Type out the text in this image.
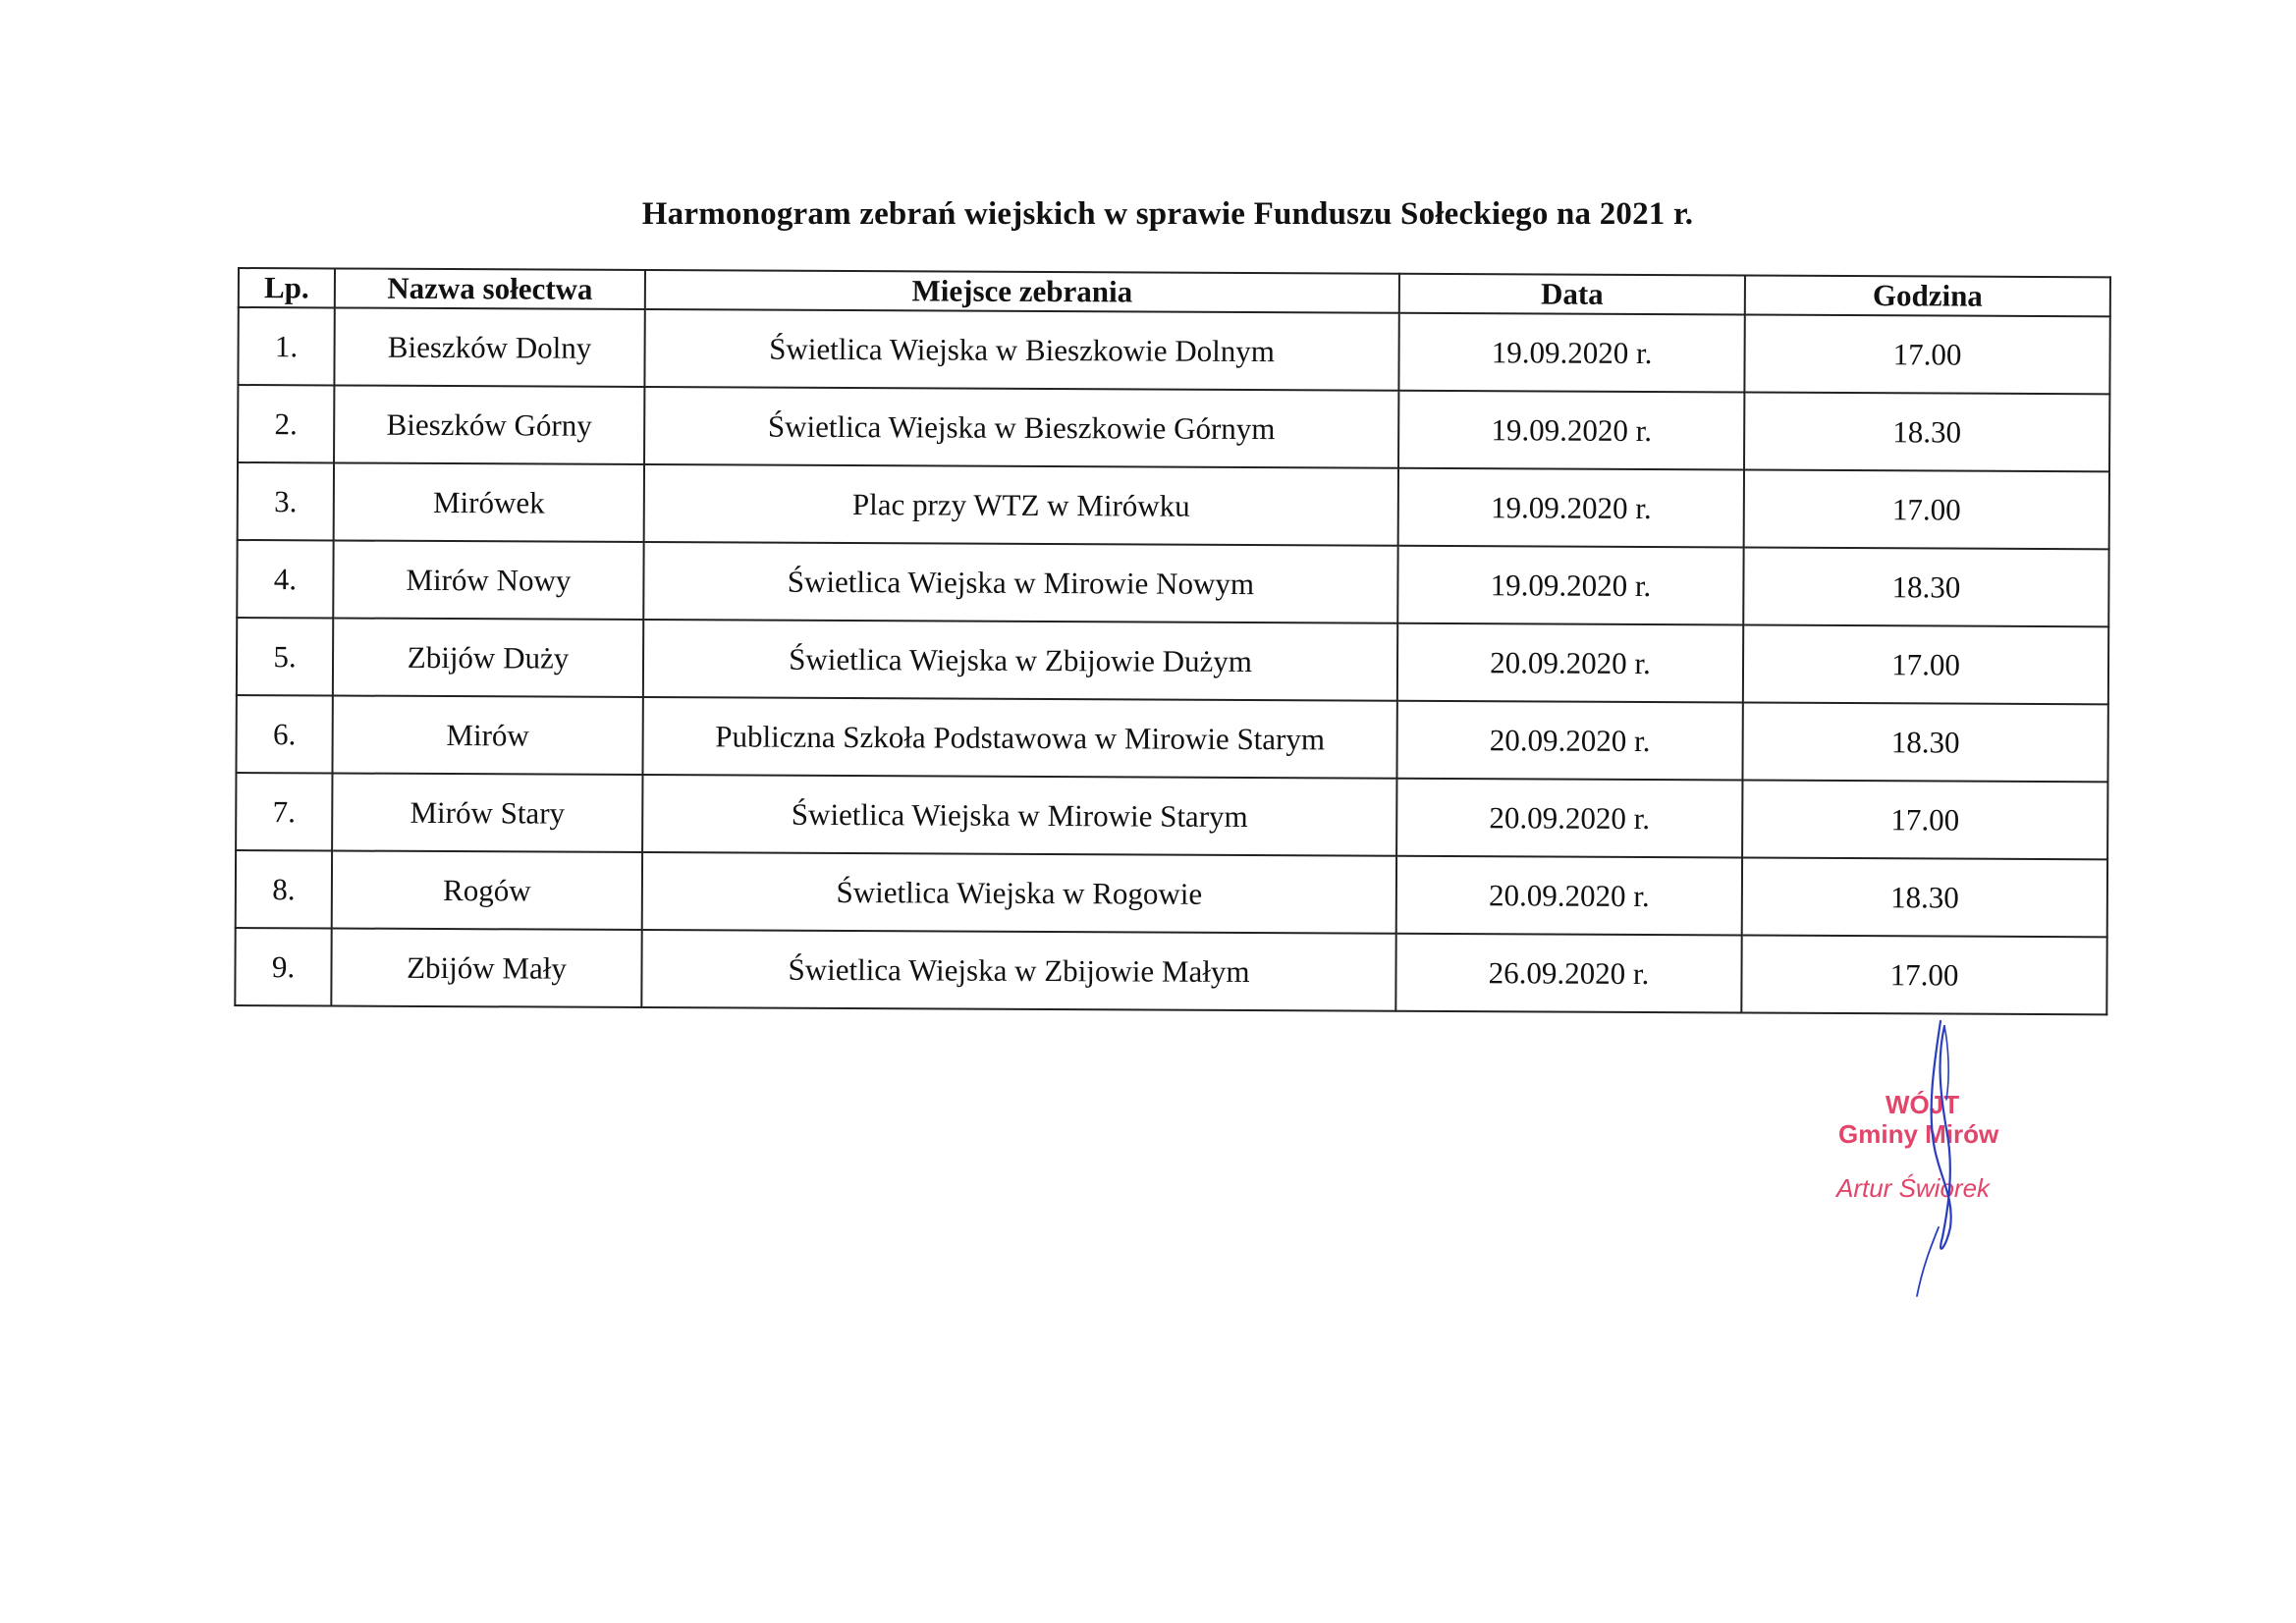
Harmonogram zebrań wiejskich w sprawie Funduszu Sołeckiego na 2021 r.
Lp.	Nazwa sołectwa	Miejsce zebrania	Data	Godzina
1.	Bieszków Dolny	Świetlica Wiejska w Bieszkowie Dolnym	19.09.2020 r.	17.00
2.	Bieszków Górny	Świetlica Wiejska w Bieszkowie Górnym	19.09.2020 r.	18.30
3.	Mirówek	Plac przy WTZ w Mirówku	19.09.2020 r.	17.00
4.	Mirów Nowy	Świetlica Wiejska w Mirowie Nowym	19.09.2020 r.	18.30
5.	Zbijów Duży	Świetlica Wiejska w Zbijowie Dużym	20.09.2020 r.	17.00
6.	Mirów	Publiczna Szkoła Podstawowa w Mirowie Starym	20.09.2020 r.	18.30
7.	Mirów Stary	Świetlica Wiejska w Mirowie Starym	20.09.2020 r.	17.00
8.	Rogów	Świetlica Wiejska w Rogowie	20.09.2020 r.	18.30
9.	Zbijów Mały	Świetlica Wiejska w Zbijowie Małym	26.09.2020 r.	17.00
WÓJT
Gminy Mirów
Artur Świorek
